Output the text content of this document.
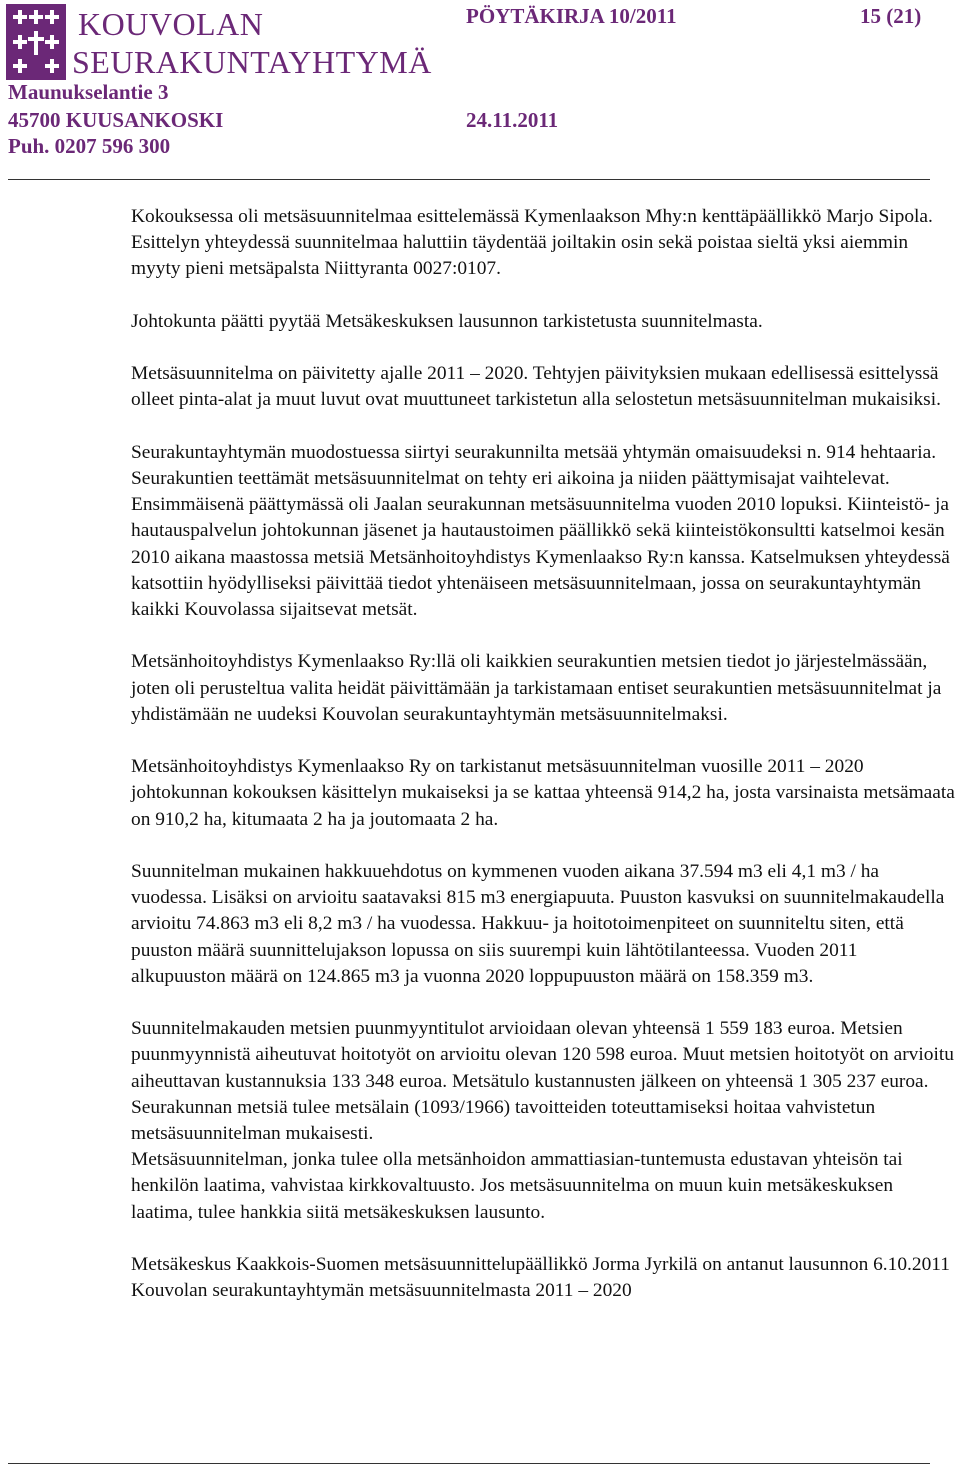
KOUVOLAN
SEURAKUNTAYHTYMÄ
Maunukselantie 3
45700 KUUSANKOSKI
Puh. 0207 596 300
PÖYTÄKIRJA 10/2011	15 (21)
24.11.2011

Kokouksessa oli metsäsuunnitelmaa esittelemässä Kymenlaakson Mhy:n kenttäpäällikkö Marjo Sipola. Esittelyn yhteydessä suunnitelmaa haluttiin täydentää joiltakin osin sekä poistaa sieltä yksi aiemmin myyty pieni metsäpalsta Niittyranta 0027:0107.

Johtokunta päätti pyytää Metsäkeskuksen lausunnon tarkistetusta suunnitelmasta.

Metsäsuunnitelma on päivitetty ajalle 2011 – 2020. Tehtyjen päivityksien mukaan edellisessä esittelyssä olleet pinta-alat ja muut luvut ovat muuttuneet tarkistetun alla selostetun metsäsuunnitelman mukaisiksi.

Seurakuntayhtymän muodostuessa siirtyi seurakunnilta metsää yhtymän omaisuudeksi n. 914 hehtaaria. Seurakuntien teettämät metsäsuunnitelmat on tehty eri aikoina ja niiden päättymisajat vaihtelevat. Ensimmäisenä päättymässä oli Jaalan seurakunnan metsäsuunnitelma vuoden 2010 lopuksi. Kiinteistö- ja hautauspalvelun johtokunnan jäsenet ja hautaustoimen päällikkö sekä kiinteistökonsultti katselmoi kesän 2010 aikana maastossa metsiä Metsänhoitoyhdistys Kymenlaakso Ry:n kanssa. Katselmuksen yhteydessä katsottiin hyödylliseksi päivittää tiedot yhtenäiseen metsäsuunnitelmaan, jossa on seurakuntayhtymän kaikki Kouvolassa sijaitsevat metsät.

Metsänhoitoyhdistys Kymenlaakso Ry:llä oli kaikkien seurakuntien metsien tiedot jo järjestelmässään, joten oli perusteltua valita heidät päivittämään ja tarkistamaan entiset seurakuntien metsäsuunnitelmat ja yhdistämään ne uudeksi Kouvolan seurakuntayhtymän metsäsuunnitelmaksi.

Metsänhoitoyhdistys Kymenlaakso Ry on tarkistanut metsäsuunnitelman vuosille 2011 – 2020 johtokunnan kokouksen käsittelyn mukaiseksi ja se kattaa yhteensä 914,2 ha, josta varsinaista metsämaata on 910,2 ha, kitumaata 2 ha ja joutomaata 2 ha.

Suunnitelman mukainen hakkuuehdotus on kymmenen vuoden aikana 37.594 m3 eli 4,1 m3 / ha vuodessa. Lisäksi on arvioitu saatavaksi 815 m3 energiapuuta. Puuston kasvuksi on suunnitelmakaudella arvioitu 74.863 m3 eli 8,2 m3 / ha vuodessa. Hakkuu- ja hoitotoimenpiteet on suunniteltu siten, että puuston määrä suunnittelujakson lopussa on siis suurempi kuin lähtötilanteessa. Vuoden 2011 alkupuuston määrä on 124.865 m3 ja vuonna 2020 loppupuuston määrä on 158.359 m3.

Suunnitelmakauden metsien puunmyyntitulot arvioidaan olevan yhteensä 1 559 183 euroa. Metsien puunmyynnistä aiheutuvat hoitotyöt on arvioitu olevan 120 598 euroa. Muut metsien hoitotyöt on arvioitu aiheuttavan kustannuksia 133 348 euroa. Metsätulo kustannusten jälkeen on yhteensä 1 305 237 euroa.

Seurakunnan metsiä tulee metsälain (1093/1966) tavoitteiden toteuttamiseksi hoitaa vahvistetun metsäsuunnitelman mukaisesti.

Metsäsuunnitelman, jonka tulee olla metsänhoidon ammattiasian-tuntemusta edustavan yhteisön tai henkilön laatima, vahvistaa kirkkovaltuusto. Jos metsäsuunnitelma on muun kuin metsäkeskuksen laatima, tulee hankkia siitä metsäkeskuksen lausunto.

Metsäkeskus Kaakkois-Suomen metsäsuunnittelupäällikkö Jorma Jyrkilä on antanut lausunnon 6.10.2011 Kouvolan seurakuntayhtymän metsäsuunnitelmasta 2011 – 2020
